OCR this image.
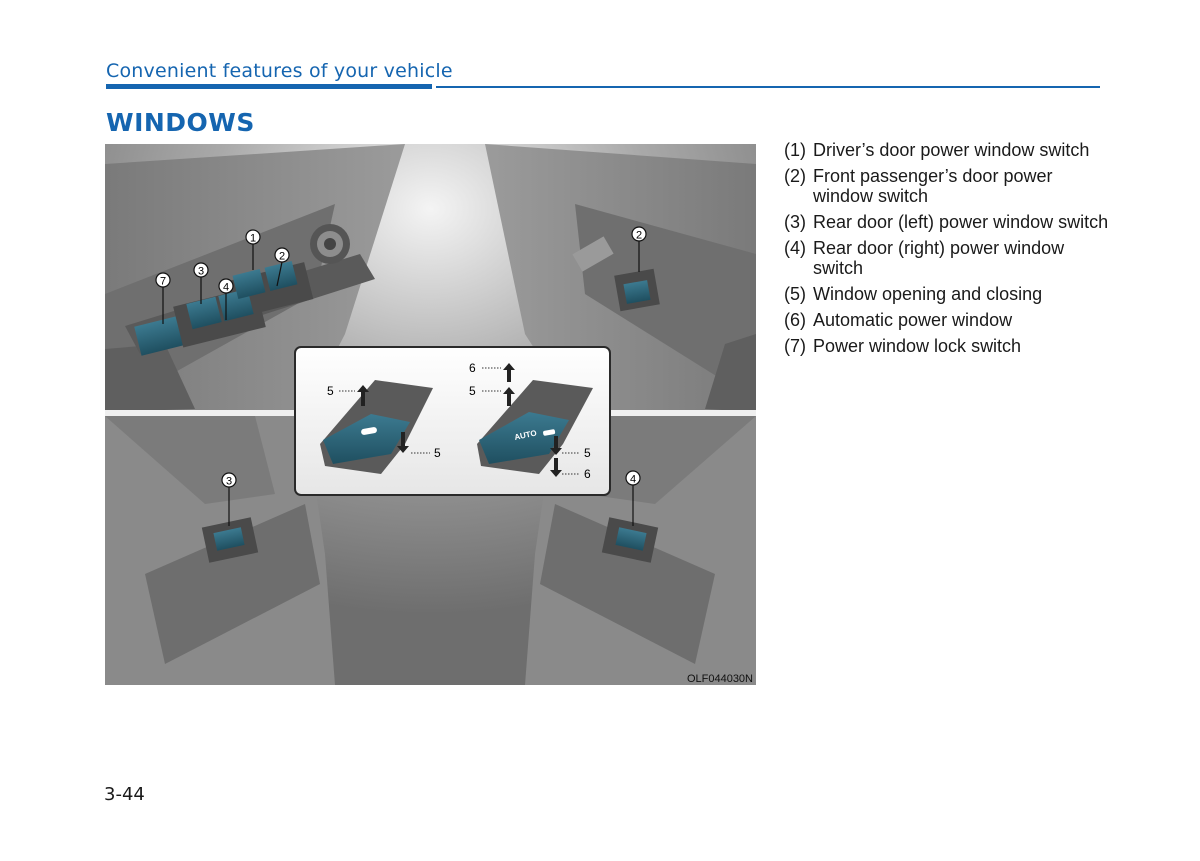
Convenient features of your vehicle
WINDOWS
1
2
3
4
7
2
3	4
AUTO
5
5
6
5
5
6
OLF044030N
(1) Driver’s door power window switch
(2) Front passenger’s door power window switch
(3) Rear door (left) power window switch
(4) Rear door (right) power window switch
(5) Window opening and closing
(6) Automatic power window
(7) Power window lock switch
3-44
